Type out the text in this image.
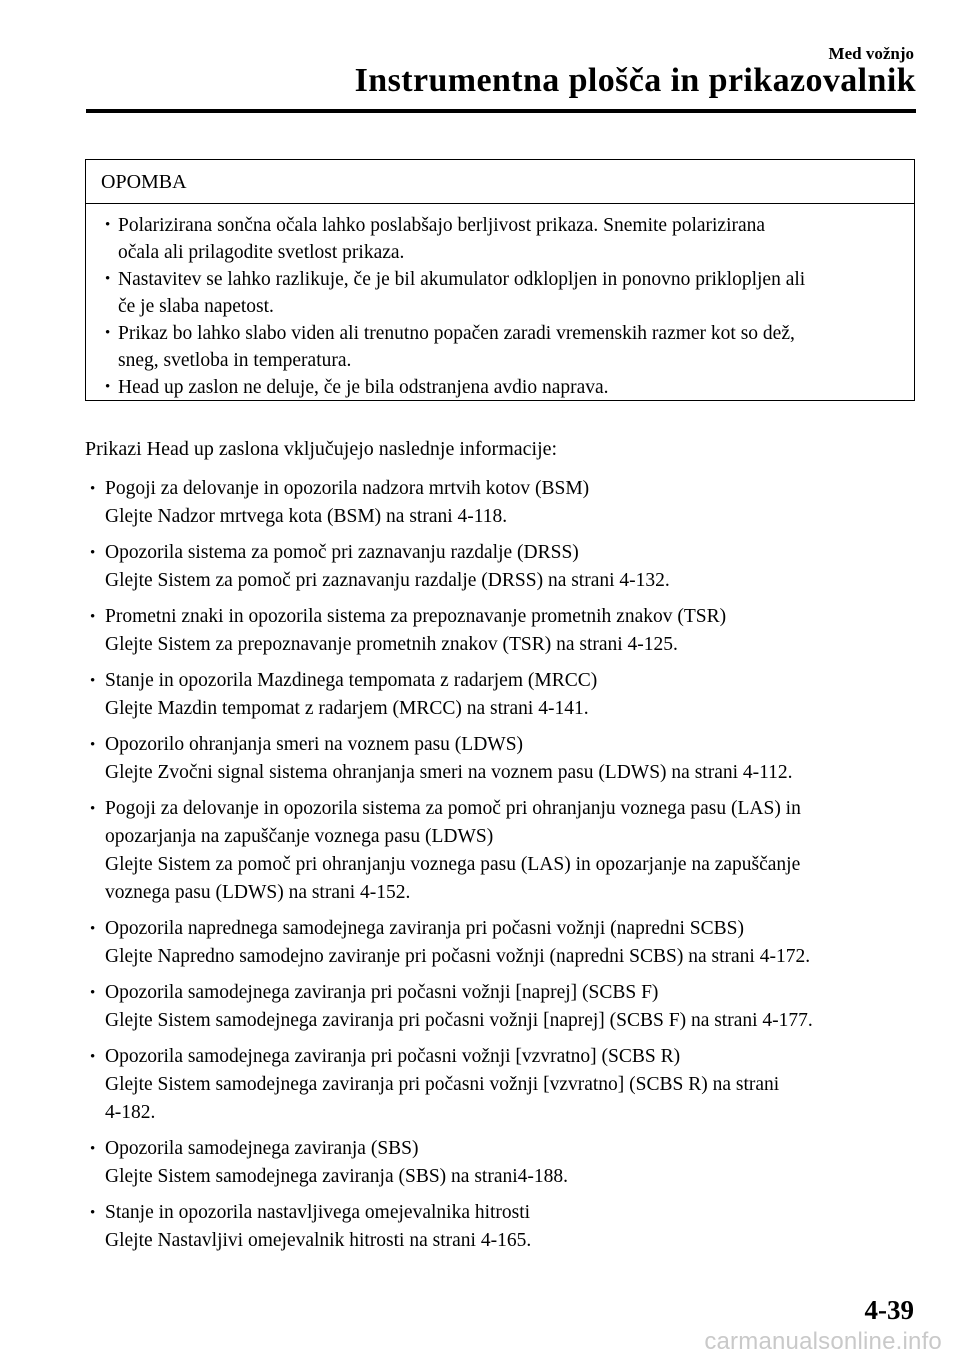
Med vožnjo
Instrumentna plošča in prikazovalnik
OPOMBA
• Polarizirana sončna očala lahko poslabšajo berljivost prikaza. Snemite polarizirana
očala ali prilagodite svetlost prikaza.
• Nastavitev se lahko razlikuje, če je bil akumulator odklopljen in ponovno priklopljen ali
če je slaba napetost.
• Prikaz bo lahko slabo viden ali trenutno popačen zaradi vremenskih razmer kot so dež,
sneg, svetloba in temperatura.
• Head up zaslon ne deluje, če je bila odstranjena avdio naprava.
Prikazi Head up zaslona vključujejo naslednje informacije:
• Pogoji za delovanje in opozorila nadzora mrtvih kotov (BSM)
Glejte Nadzor mrtvega kota (BSM) na strani 4-118.
• Opozorila sistema za pomoč pri zaznavanju razdalje (DRSS)
Glejte Sistem za pomoč pri zaznavanju razdalje (DRSS) na strani 4-132.
• Prometni znaki in opozorila sistema za prepoznavanje prometnih znakov (TSR)
Glejte Sistem za prepoznavanje prometnih znakov (TSR) na strani 4-125.
• Stanje in opozorila Mazdinega tempomata z radarjem (MRCC)
Glejte Mazdin tempomat z radarjem (MRCC) na strani 4-141.
• Opozorilo ohranjanja smeri na voznem pasu (LDWS)
Glejte Zvočni signal sistema ohranjanja smeri na voznem pasu (LDWS) na strani 4-112.
• Pogoji za delovanje in opozorila sistema za pomoč pri ohranjanju voznega pasu (LAS) in
opozarjanja na zapuščanje voznega pasu (LDWS)
Glejte Sistem za pomoč pri ohranjanju voznega pasu (LAS) in opozarjanje na zapuščanje
voznega pasu (LDWS) na strani 4-152.
• Opozorila naprednega samodejnega zaviranja pri počasni vožnji (napredni SCBS)
Glejte Napredno samodejno zaviranje pri počasni vožnji (napredni SCBS) na strani 4-172.
• Opozorila samodejnega zaviranja pri počasni vožnji [naprej] (SCBS F)
Glejte Sistem samodejnega zaviranja pri počasni vožnji [naprej] (SCBS F) na strani 4-177.
• Opozorila samodejnega zaviranja pri počasni vožnji [vzvratno] (SCBS R)
Glejte Sistem samodejnega zaviranja pri počasni vožnji [vzvratno] (SCBS R) na strani
4-182.
• Opozorila samodejnega zaviranja (SBS)
Glejte Sistem samodejnega zaviranja (SBS) na strani4-188.
• Stanje in opozorila nastavljivega omejevalnika hitrosti
Glejte Nastavljivi omejevalnik hitrosti na strani 4-165.
4-39
carmanualsonline.info
